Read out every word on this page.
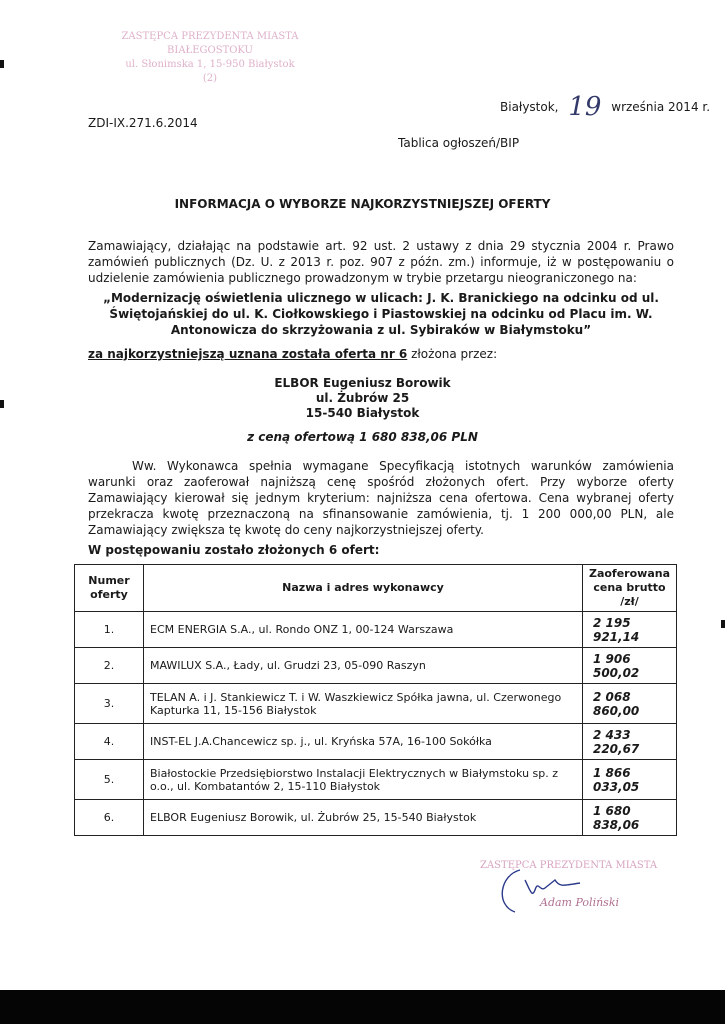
ZASTĘPCA PREZYDENTA MIASTA
BIAŁEGOSTOKU
ul. Słonimska 1, 15-950 Białystok
(2)
Białystok, 19 września 2014 r.
ZDI-IX.271.6.2014
Tablica ogłoszeń/BIP
INFORMACJA O WYBORZE NAJKORZYSTNIEJSZEJ OFERTY
Zamawiający, działając na podstawie art. 92 ust. 2 ustawy z dnia 29 stycznia 2004 r. Prawo zamówień publicznych (Dz. U. z 2013 r. poz. 907 z późn. zm.) informuje, iż w postępowaniu o udzielenie zamówienia publicznego prowadzonym w trybie przetargu nieograniczonego na:
„Modernizację oświetlenia ulicznego w ulicach: J. K. Branickiego na odcinku od ul. Świętojańskiej do ul. K. Ciołkowskiego i Piastowskiej na odcinku od Placu im. W. Antonowicza do skrzyżowania z ul. Sybiraków w Białymstoku”
za najkorzystniejszą uznana została oferta nr 6 złożona przez:
ELBOR Eugeniusz Borowik
ul. Żubrów 25
15-540 Białystok
z ceną ofertową 1 680 838,06 PLN
Ww. Wykonawca spełnia wymagane Specyfikacją istotnych warunków zamówienia warunki oraz zaoferował najniższą cenę spośród złożonych ofert. Przy wyborze oferty Zamawiający kierował się jednym kryterium: najniższa cena ofertowa. Cena wybranej oferty przekracza kwotę przeznaczoną na sfinansowanie zamówienia, tj. 1 200 000,00 PLN, ale Zamawiający zwiększa tę kwotę do ceny najkorzystniejszej oferty.
W postępowaniu zostało złożonych 6 ofert:
Numer oferty	Nazwa i adres wykonawcy	Zaoferowana cena brutto /zł/
1.	ECM ENERGIA S.A., ul. Rondo ONZ 1, 00-124 Warszawa	2 195 921,14
2.	MAWILUX S.A., Łady, ul. Grudzi 23, 05-090 Raszyn	1 906 500,02
3.	TELAN A. i J. Stankiewicz T. i W. Waszkiewicz Spółka jawna, ul. Czerwonego Kapturka 11, 15-156 Białystok	2 068 860,00
4.	INST-EL J.A.Chancewicz sp. j., ul. Kryńska 57A, 16-100 Sokółka	2 433 220,67
5.	Białostockie Przedsiębiorstwo Instalacji Elektrycznych w Białymstoku sp. z o.o., ul. Kombatantów 2, 15-110 Białystok	1 866 033,05
6.	ELBOR Eugeniusz Borowik, ul. Żubrów 25, 15-540 Białystok	1 680 838,06
ZASTĘPCA PREZYDENTA MIASTA
Adam Poliński
